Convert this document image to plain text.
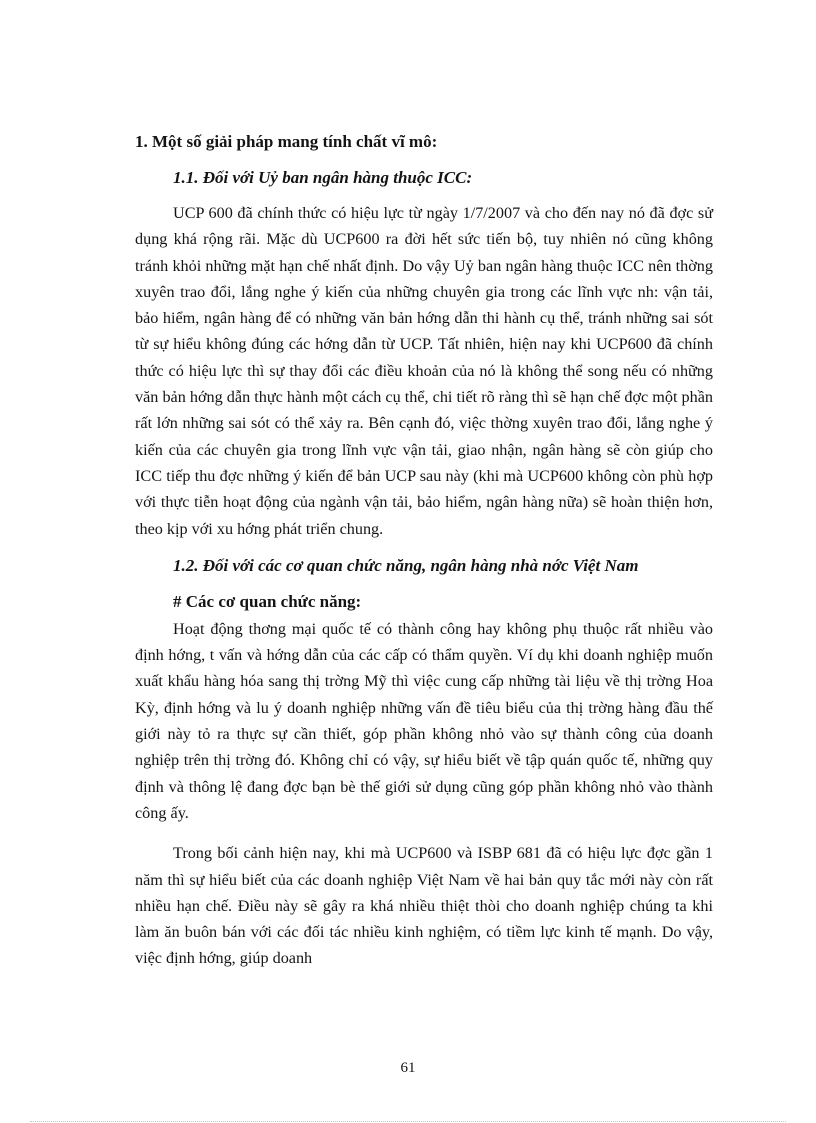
1. Một số giải pháp mang tính chất vĩ mô:
1.1. Đối với Uỷ ban ngân hàng thuộc ICC:

UCP 600 đã chính thức có hiệu lực từ ngày 1/7/2007 và cho đến nay nó đã đợc sử dụng khá rộng rãi. Mặc dù UCP600 ra đời hết sức tiến bộ, tuy nhiên nó cũng không tránh khỏi những mặt hạn chế nhất định. Do vậy Uỷ ban ngân hàng thuộc ICC nên thờng xuyên trao đổi, lắng nghe ý kiến của những chuyên gia trong các lĩnh vực nh: vận tải, bảo hiểm, ngân hàng để có những văn bản hớng dẫn thi hành cụ thể, tránh những sai sót từ sự hiểu không đúng các hớng dẫn từ UCP. Tất nhiên, hiện nay khi UCP600 đã chính thức có hiệu lực thì sự thay đổi các điều khoản của nó là không thể song nếu có những văn bản hớng dẫn thực hành một cách cụ thể, chi tiết rõ ràng thì sẽ hạn chế đợc một phần rất lớn những sai sót có thể xảy ra. Bên cạnh đó, việc thờng xuyên trao đổi, lắng nghe ý kiến của các chuyên gia trong lĩnh vực vận tải, giao nhận, ngân hàng sẽ còn giúp cho ICC tiếp thu đợc những ý kiến để bản UCP sau này (khi mà UCP600 không còn phù hợp với thực tiễn hoạt động của ngành vận tải, bảo hiểm, ngân hàng nữa) sẽ hoàn thiện hơn, theo kịp với xu hớng phát triển chung.

1.2. Đối với các cơ quan chức năng, ngân hàng nhà nớc Việt Nam
# Các cơ quan chức năng:

Hoạt động thơng mại quốc tế có thành công hay không phụ thuộc rất nhiều vào định hớng, t vấn và hớng dẫn của các cấp có thẩm quyền. Ví dụ khi doanh nghiệp muốn xuất khẩu hàng hóa sang thị trờng Mỹ thì việc cung cấp những tài liệu về thị trờng Hoa Kỳ, định hớng và lu ý doanh nghiệp những vấn đề tiêu biểu của thị trờng hàng đầu thế giới này tỏ ra thực sự cần thiết, góp phần không nhỏ vào sự thành công của doanh nghiệp trên thị trờng đó. Không chỉ có vậy, sự hiểu biết về tập quán quốc tế, những quy định và thông lệ đang đợc bạn bè thế giới sử dụng cũng góp phần không nhỏ vào thành công ấy.

Trong bối cảnh hiện nay, khi mà UCP600 và ISBP 681 đã có hiệu lực đợc gần 1 năm thì sự hiểu biết của các doanh nghiệp Việt Nam về hai bản quy tắc mới này còn rất nhiều hạn chế. Điều này sẽ gây ra khá nhiều thiệt thòi cho doanh nghiệp chúng ta khi làm ăn buôn bán với các đối tác nhiều kinh nghiệm, có tiềm lực kinh tế mạnh. Do vậy, việc định hớng, giúp doanh

61
